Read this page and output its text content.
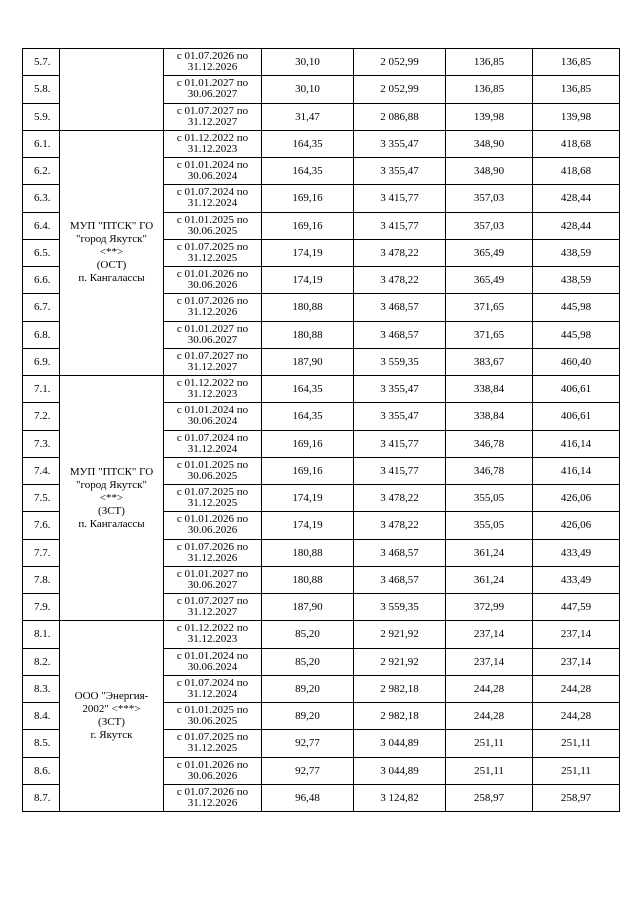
5.7.		с 01.07.2026 по
31.12.2026	30,10	2 052,99	136,85	136,85
5.8.		с 01.01.2027 по
30.06.2027	30,10	2 052,99	136,85	136,85
5.9.		с 01.07.2027 по
31.12.2027	31,47	2 086,88	139,98	139,98
6.1.	МУП "ПТСК" ГО
"город Якутск"
<**>
(ОСТ)
п. Кангалассы	с 01.12.2022 по
31.12.2023	164,35	3 355,47	348,90	418,68
6.2.		с 01.01.2024 по
30.06.2024	164,35	3 355,47	348,90	418,68
6.3.		с 01.07.2024 по
31.12.2024	169,16	3 415,77	357,03	428,44
6.4.		с 01.01.2025 по
30.06.2025	169,16	3 415,77	357,03	428,44
6.5.		с 01.07.2025 по
31.12.2025	174,19	3 478,22	365,49	438,59
6.6.		с 01.01.2026 по
30.06.2026	174,19	3 478,22	365,49	438,59
6.7.		с 01.07.2026 по
31.12.2026	180,88	3 468,57	371,65	445,98
6.8.		с 01.01.2027 по
30.06.2027	180,88	3 468,57	371,65	445,98
6.9.		с 01.07.2027 по
31.12.2027	187,90	3 559,35	383,67	460,40
7.1.	МУП "ПТСК" ГО
"город Якутск"
<**>
(ЗСТ)
п. Кангалассы	с 01.12.2022 по
31.12.2023	164,35	3 355,47	338,84	406,61
7.2.		с 01.01.2024 по
30.06.2024	164,35	3 355,47	338,84	406,61
7.3.		с 01.07.2024 по
31.12.2024	169,16	3 415,77	346,78	416,14
7.4.		с 01.01.2025 по
30.06.2025	169,16	3 415,77	346,78	416,14
7.5.		с 01.07.2025 по
31.12.2025	174,19	3 478,22	355,05	426,06
7.6.		с 01.01.2026 по
30.06.2026	174,19	3 478,22	355,05	426,06
7.7.		с 01.07.2026 по
31.12.2026	180,88	3 468,57	361,24	433,49
7.8.		с 01.01.2027 по
30.06.2027	180,88	3 468,57	361,24	433,49
7.9.		с 01.07.2027 по
31.12.2027	187,90	3 559,35	372,99	447,59
8.1.	ООО "Энергия-
2002" <***>
(ЗСТ)
г. Якутск	с 01.12.2022 по
31.12.2023	85,20	2 921,92	237,14	237,14
8.2.		с 01.01.2024 по
30.06.2024	85,20	2 921,92	237,14	237,14
8.3.		с 01.07.2024 по
31.12.2024	89,20	2 982,18	244,28	244,28
8.4.		с 01.01.2025 по
30.06.2025	89,20	2 982,18	244,28	244,28
8.5.		с 01.07.2025 по
31.12.2025	92,77	3 044,89	251,11	251,11
8.6.		с 01.01.2026 по
30.06.2026	92,77	3 044,89	251,11	251,11
8.7.		с 01.07.2026 по
31.12.2026	96,48	3 124,82	258,97	258,97
